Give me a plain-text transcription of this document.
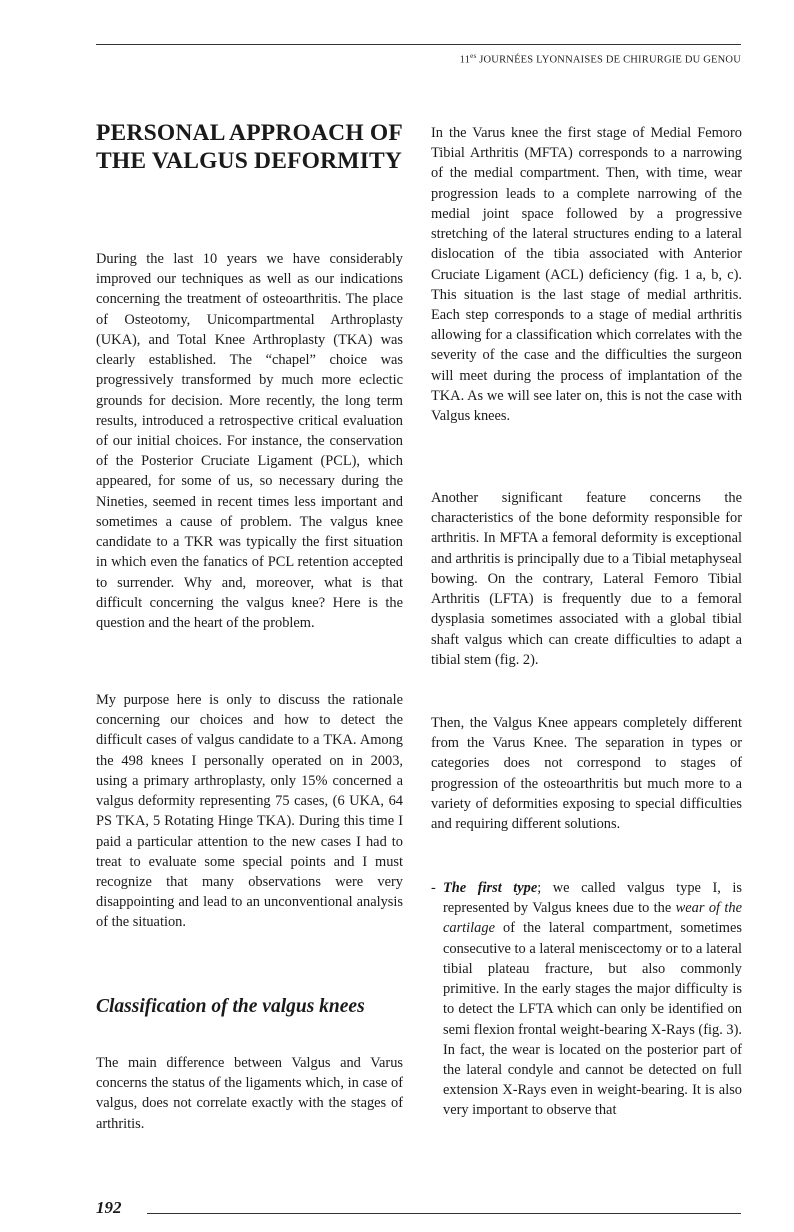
$11^{es}$ JOURNÉES LYONNAISES DE CHIRURGIE DU GENOU
PERSONAL APPROACH OF THE VALGUS DEFORMITY

During the last 10 years we have considerably improved our techniques as well as our indications concerning the treatment of osteoarthritis. The place of Osteotomy, Unicompartmental Arthroplasty (UKA), and Total Knee Arthroplasty (TKA) was clearly established. The “chapel” choice was progressively transformed by much more eclectic grounds for decision. More recently, the long term results, introduced a retrospective critical evaluation of our initial choices. For instance, the conservation of the Posterior Cruciate Ligament (PCL), which appeared, for some of us, so necessary during the Nineties, seemed in recent times less important and sometimes a cause of problem. The valgus knee candidate to a TKR was typically the first situation in which even the fanatics of PCL retention accepted to surrender. Why and, moreover, what is that difficult concerning the valgus knee? Here is the question and the heart of the problem.

My purpose here is only to discuss the rationale concerning our choices and how to detect the difficult cases of valgus candidate to a TKA. Among the 498 knees I personally operated on in 2003, using a primary arthroplasty, only 15% concerned a valgus deformity representing 75 cases, (6 UKA, 64 PS TKA, 5 Rotating Hinge TKA). During this time I paid a particular attention to the new cases I had to treat to evaluate some special points and I must recognize that many observations were very disappointing and lead to an unconventional analysis of the situation.

Classification of the valgus knees

The main difference between Valgus and Varus concerns the status of the ligaments which, in case of valgus, does not correlate exactly with the stages of arthritis.

In the Varus knee the first stage of Medial Femoro Tibial Arthritis (MFTA) corresponds to a narrowing of the medial compartment. Then, with time, wear progression leads to a complete narrowing of the medial joint space followed by a progressive stretching of the lateral structures ending to a lateral dislocation of the tibia associated with Anterior Cruciate Ligament (ACL) deficiency (fig. 1 a, b, c). This situation is the last stage of medial arthritis. Each step corresponds to a stage of medial arthritis allowing for a classification which correlates with the severity of the case and the difficulties the surgeon will meet during the process of implantation of the TKA. As we will see later on, this is not the case with Valgus knees.

Another significant feature concerns the characteristics of the bone deformity responsible for arthritis. In MFTA a femoral deformity is exceptional and arthritis is principally due to a Tibial metaphyseal bowing. On the contrary, Lateral Femoro Tibial Arthritis (LFTA) is frequently due to a femoral dysplasia sometimes associated with a global tibial shaft valgus which can create difficulties to adapt a tibial stem (fig. 2).

Then, the Valgus Knee appears completely different from the Varus Knee. The separation in types or categories does not correspond to stages of progression of the osteoarthritis but much more to a variety of deformities exposing to special difficulties and requiring different solutions.

- The first type; we called valgus type I, is represented by Valgus knees due to the wear of the cartilage of the lateral compartment, sometimes consecutive to a lateral meniscectomy or to a lateral tibial plateau fracture, but also commonly primitive. In the early stages the major difficulty is to detect the LFTA which can only be identified on semi flexion frontal weight-bearing X-Rays (fig. 3). In fact, the wear is located on the posterior part of the lateral condyle and cannot be detected on full extension X-Rays even in weight-bearing. It is also very important to observe that

192
